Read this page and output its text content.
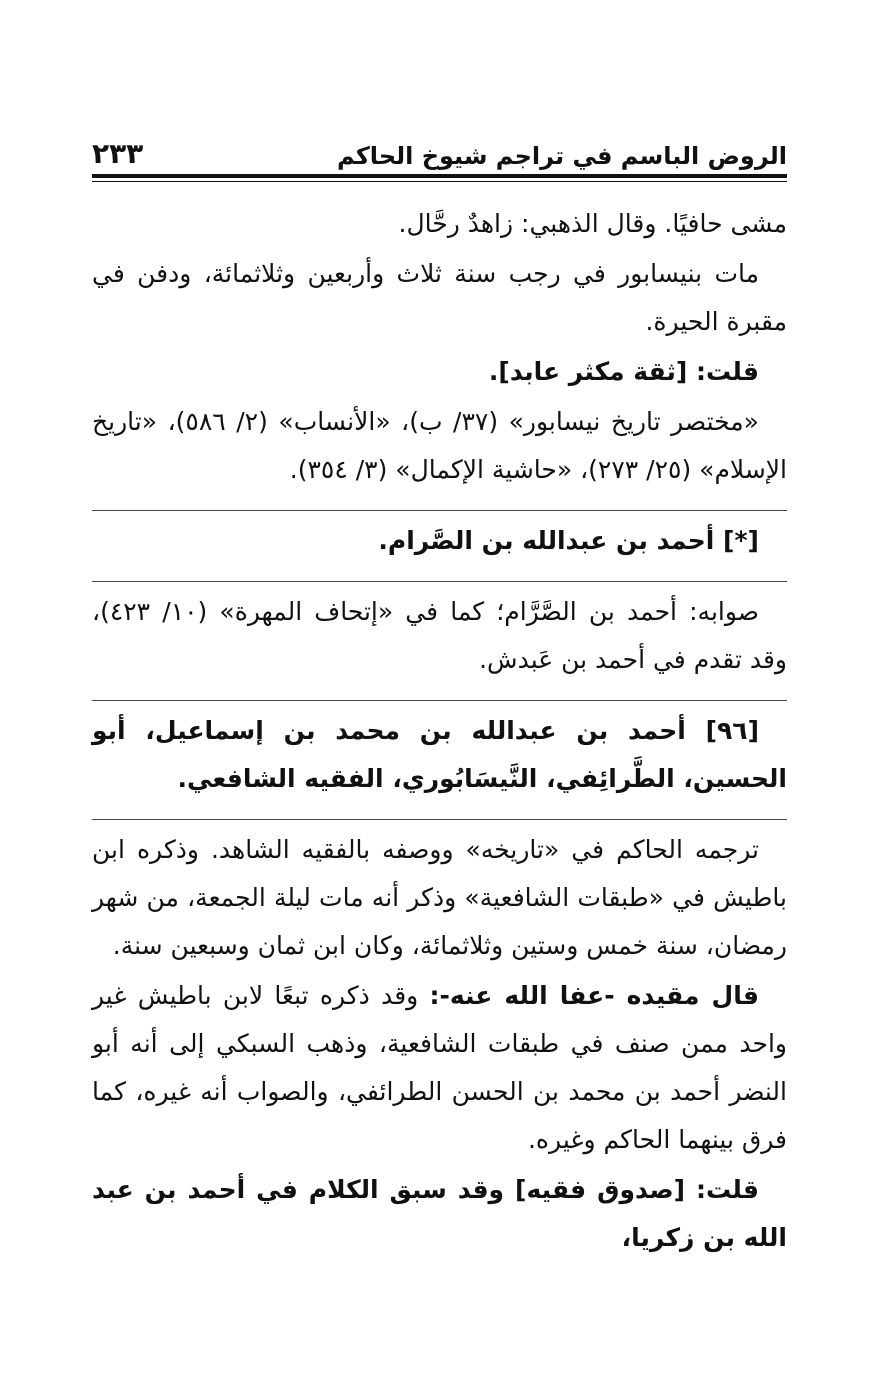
٢٣٣	الروض الباسم في تراجم شيوخ الحاكم

مشى حافيًا. وقال الذهبي: زاهدٌ رحَّال.

مات بنيسابور في رجب سنة ثلاث وأربعين وثلاثمائة، ودفن في مقبرة الحيرة.

قلت: [ثقة مكثر عابد].

«مختصر تاريخ نيسابور» (٣٧/ ب)، «الأنساب» (٢/ ٥٨٦)، «تاريخ الإسلام» (٢٥/ ٢٧٣)، «حاشية الإكمال» (٣/ ٣٥٤).

[*] أحمد بن عبدالله بن الصَّرام.

صوابه: أحمد بن الصَّرَّام؛ كما في «إتحاف المهرة» (١٠/ ٤٢٣)، وقد تقدم في أحمد بن عَبدش.

[٩٦] أحمد بن عبدالله بن محمد بن إسماعيل، أبو الحسين، الطَّرائِفي، النَّيسَابُوري، الفقيه الشافعي.

ترجمه الحاكم في «تاريخه» ووصفه بالفقيه الشاهد. وذكره ابن باطيش في «طبقات الشافعية» وذكر أنه مات ليلة الجمعة، من شهر رمضان، سنة خمس وستين وثلاثمائة، وكان ابن ثمان وسبعين سنة.

قال مقيده -عفا الله عنه-: وقد ذكره تبعًا لابن باطيش غير واحد ممن صنف في طبقات الشافعية، وذهب السبكي إلى أنه أبو النضر أحمد بن محمد بن الحسن الطرائفي، والصواب أنه غيره، كما فرق بينهما الحاكم وغيره.

قلت: [صدوق فقيه] وقد سبق الكلام في أحمد بن عبد الله بن زكريا،
